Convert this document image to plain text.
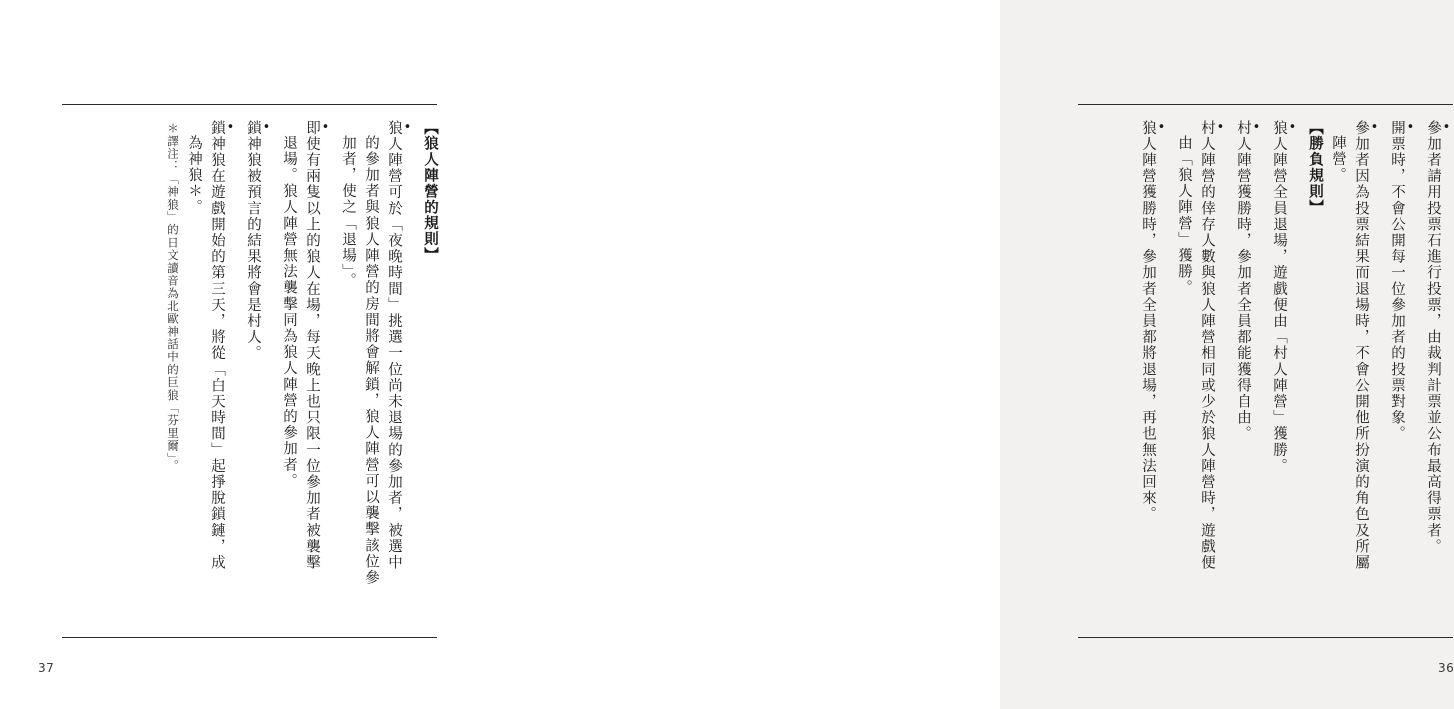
【狼人陣營的規則】
• 狼人陣營可於「夜晚時間」挑選一位尚未退場的參加者，被選中
的參加者與狼人陣營的房間將會解鎖，狼人陣營可以襲擊該位參
加者，使之「退場」。
• 即使有兩隻以上的狼人在場，每天晚上也只限一位參加者被襲擊
退場。狼人陣營無法襲擊同為狼人陣營的參加者。
• 鎖神狼被預言的結果將會是村人。
• 鎖神狼在遊戲開始的第三天，將從「白天時間」起掙脫鎖鏈，成
為神狼＊。
＊譯注：「神狼」的日文讀音為北歐神話中的巨狼「芬里爾」。
37
• 參加者請用投票石進行投票，由裁判計票並公布最高得票者。
• 開票時，不會公開每一位參加者的投票對象。
• 參加者因為投票結果而退場時，不會公開他所扮演的角色及所屬
陣營。
【勝負規則】
• 狼人陣營全員退場，遊戲便由「村人陣營」獲勝。
• 村人陣營獲勝時，參加者全員都能獲得自由。
• 村人陣營的倖存人數與狼人陣營相同或少於狼人陣營時，遊戲便
由「狼人陣營」獲勝。
• 狼人陣營獲勝時，參加者全員都將退場，再也無法回來。
36
